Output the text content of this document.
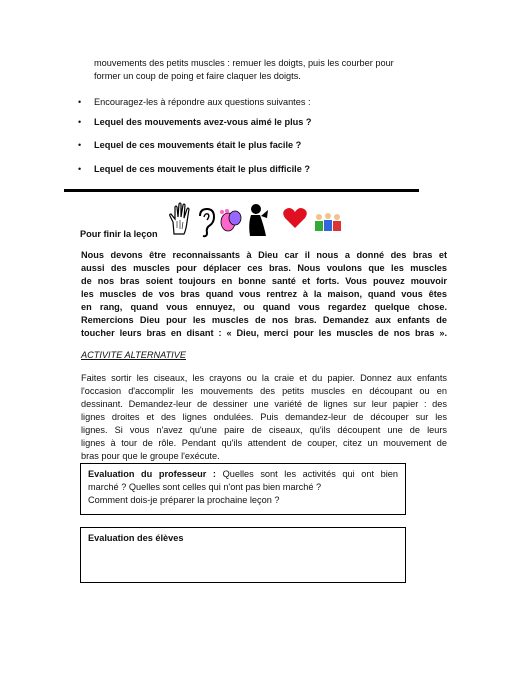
mouvements des petits muscles : remuer les doigts, puis les courber pour
former un coup de poing et faire claquer les doigts.
• Encouragez-les à répondre aux questions suivantes :
• Lequel des mouvements avez-vous aimé le plus ?
• Lequel de ces mouvements était le plus facile ?
• Lequel de ces mouvements était le plus difficile ?
Pour finir la leçon
Nous devons être reconnaissants à Dieu car il nous a donné des bras et
aussi des muscles pour déplacer ces bras. Nous voulons que les muscles
de nos bras soient toujours en bonne santé et forts. Vous pouvez mouvoir
les muscles de vos bras quand vous rentrez à la maison, quand vous êtes
en rang, quand vous ennuyez, ou quand vous regardez quelque chose.
Remercions Dieu pour les muscles de nos bras. Demandez aux enfants de
toucher leurs bras en disant : « Dieu, merci pour les muscles de nos bras ».
ACTIVITE ALTERNATIVE
Faites sortir les ciseaux, les crayons ou la craie et du papier. Donnez aux enfants
l'occasion d'accomplir les mouvements des petits muscles en découpant ou en
dessinant. Demandez-leur de dessiner une variété de lignes sur leur papier : des
lignes droites et des lignes ondulées. Puis demandez-leur de découper sur les
lignes. Si vous n'avez qu'une paire de ciseaux, qu'ils découpent une de leurs
lignes à tour de rôle. Pendant qu'ils attendent de couper, citez un mouvement de
bras pour que le groupe l'exécute.
Evaluation du professeur : Quelles sont les activités qui ont bien
marché ? Quelles sont celles qui n'ont pas bien marché ?
Comment dois-je préparer la prochaine leçon ?
Evaluation des élèves
